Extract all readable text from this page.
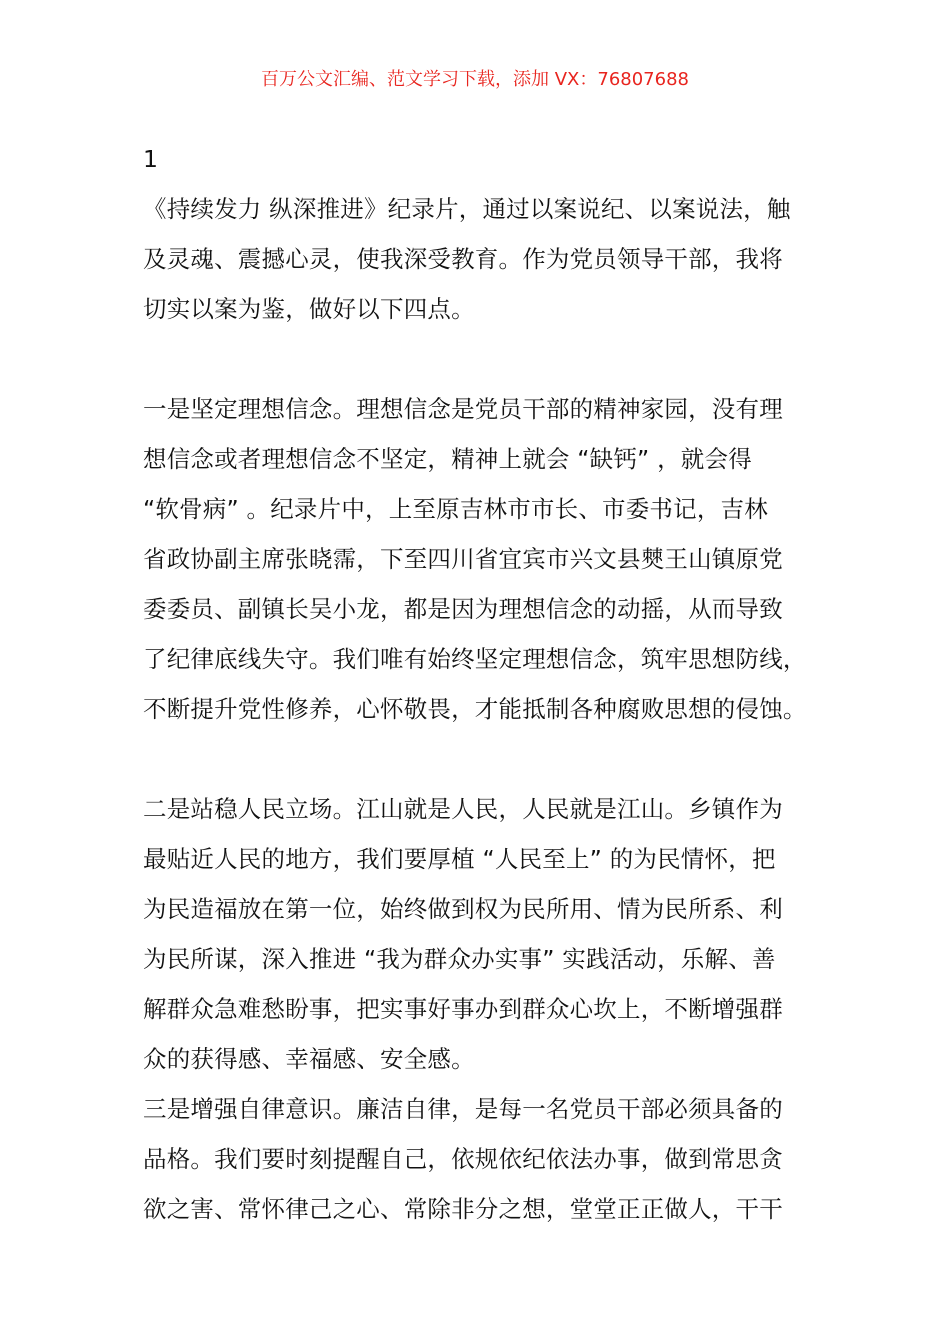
百万公文汇编、范文学习下载，添加 VX：76807688

1

《持续发力 纵深推进》纪录片，通过以案说纪、以案说法，触

及灵魂、震撼心灵，使我深受教育。作为党员领导干部，我将

切实以案为鉴，做好以下四点。

一是坚定理想信念。理想信念是党员干部的精神家园，没有理

想信念或者理想信念不坚定，精神上就会 “缺钙” ，就会得

“软骨病” 。纪录片中，上至原吉林市市长、市委书记，吉林

省政协副主席张晓霈，下至四川省宜宾市兴文县僰王山镇原党

委委员、副镇长吴小龙，都是因为理想信念的动摇，从而导致

了纪律底线失守。我们唯有始终坚定理想信念，筑牢思想防线，

不断提升党性修养，心怀敬畏，才能抵制各种腐败思想的侵蚀。

二是站稳人民立场。江山就是人民，人民就是江山。乡镇作为

最贴近人民的地方，我们要厚植 “人民至上” 的为民情怀，把

为民造福放在第一位，始终做到权为民所用、情为民所系、利

为民所谋，深入推进 “我为群众办实事” 实践活动，乐解、善

解群众急难愁盼事，把实事好事办到群众心坎上，不断增强群

众的获得感、幸福感、安全感。

三是增强自律意识。廉洁自律，是每一名党员干部必须具备的

品格。我们要时刻提醒自己，依规依纪依法办事，做到常思贪

欲之害、常怀律己之心、常除非分之想，堂堂正正做人，干干
